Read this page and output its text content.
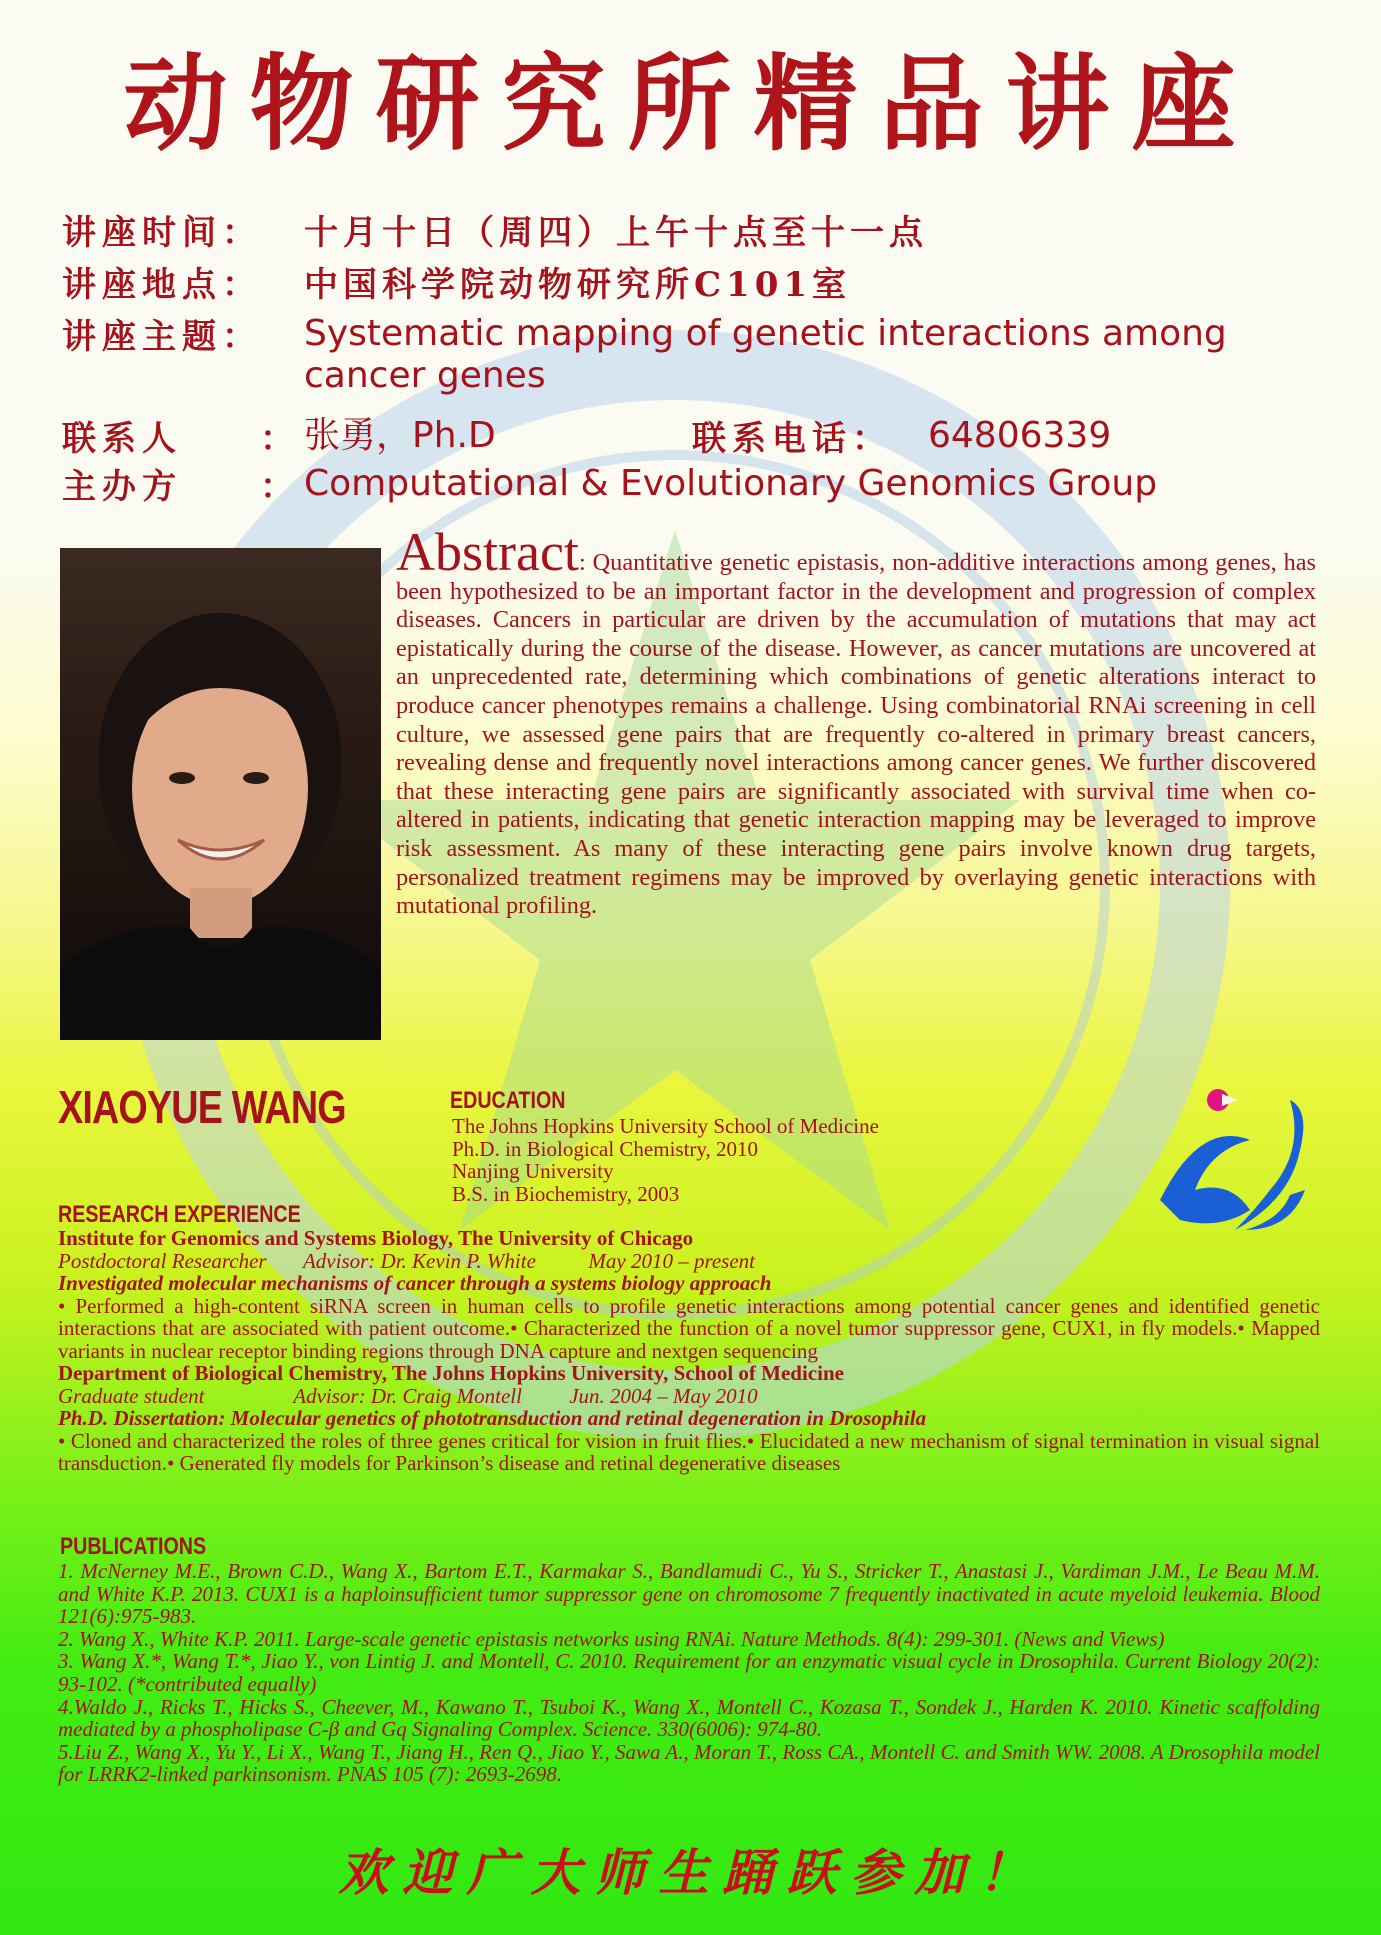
动物研究所精品讲座
讲座时间： 十月十日（周四）上午十点至十一点
讲座地点： 中国科学院动物研究所C101室
讲座主题： Systematic mapping of genetic interactions among
cancer genes
联系人 ： 张勇，Ph.D	联系电话： 64806339
主办方 ： Computational & Evolutionary Genomics Group
Abstract: Quantitative genetic epistasis, non-additive interactions among genes, has been hypothesized to be an important factor in the development and progression of complex diseases. Cancers in particular are driven by the accumulation of mutations that may act epistatically during the course of the disease. However, as cancer mutations are uncovered at an unprecedented rate, determining which combinations of genetic alterations interact to produce cancer phenotypes remains a challenge. Using combinatorial RNAi screening in cell culture, we assessed gene pairs that are frequently co-altered in primary breast cancers, revealing dense and frequently novel interactions among cancer genes. We further discovered that these interacting gene pairs are significantly associated with survival time when co-altered in patients, indicating that genetic interaction mapping may be leveraged to improve risk assessment. As many of these interacting gene pairs involve known drug targets, personalized treatment regimens may be improved by overlaying genetic interactions with mutational profiling.
XIAOYUE WANG	EDUCATION
The Johns Hopkins University School of Medicine
Ph.D. in Biological Chemistry, 2010
Nanjing University
B.S. in Biochemistry, 2003
RESEARCH EXPERIENCE
Institute for Genomics and Systems Biology, The University of Chicago
Postdoctoral Researcher       Advisor: Dr. Kevin P. White          May 2010 – present
Investigated molecular mechanisms of cancer through a systems biology approach
• Performed a high-content siRNA screen in human cells to profile genetic interactions among potential cancer genes and identified genetic interactions that are associated with patient outcome.• Characterized the function of a novel tumor suppressor gene, CUX1, in fly models.• Mapped variants in nuclear receptor binding regions through DNA capture and nextgen sequencing
Department of Biological Chemistry, The Johns Hopkins University, School of Medicine
Graduate student                 Advisor: Dr. Craig Montell         Jun. 2004 – May 2010
Ph.D. Dissertation: Molecular genetics of phototransduction and retinal degeneration in Drosophila
• Cloned and characterized the roles of three genes critical for vision in fruit flies.• Elucidated a new mechanism of signal termination in visual signal transduction.• Generated fly models for Parkinson’s disease and retinal degenerative diseases
PUBLICATIONS
1. McNerney M.E., Brown C.D., Wang X., Bartom E.T., Karmakar S., Bandlamudi C., Yu S., Stricker T., Anastasi J., Vardiman J.M., Le Beau M.M. and White K.P. 2013. CUX1 is a haploinsufficient tumor suppressor gene on chromosome 7 frequently inactivated in acute myeloid leukemia. Blood 121(6):975-983.
2. Wang X., White K.P. 2011. Large-scale genetic epistasis networks using RNAi. Nature Methods. 8(4): 299-301. (News and Views)
3. Wang X.*, Wang T.*, Jiao Y., von Lintig J. and Montell, C. 2010. Requirement for an enzymatic visual cycle in Drosophila. Current Biology 20(2): 93-102. (*contributed equally)
4.Waldo J., Ricks T., Hicks S., Cheever, M., Kawano T., Tsuboi K., Wang X., Montell C., Kozasa T., Sondek J., Harden K. 2010. Kinetic scaffolding mediated by a phospholipase C-β and Gq Signaling Complex. Science. 330(6006): 974-80.
5.Liu Z., Wang X., Yu Y., Li X., Wang T., Jiang H., Ren Q., Jiao Y., Sawa A., Moran T., Ross CA., Montell C. and Smith WW. 2008. A Drosophila model for LRRK2-linked parkinsonism. PNAS 105 (7): 2693-2698.
欢迎广大师生踊跃参加！
